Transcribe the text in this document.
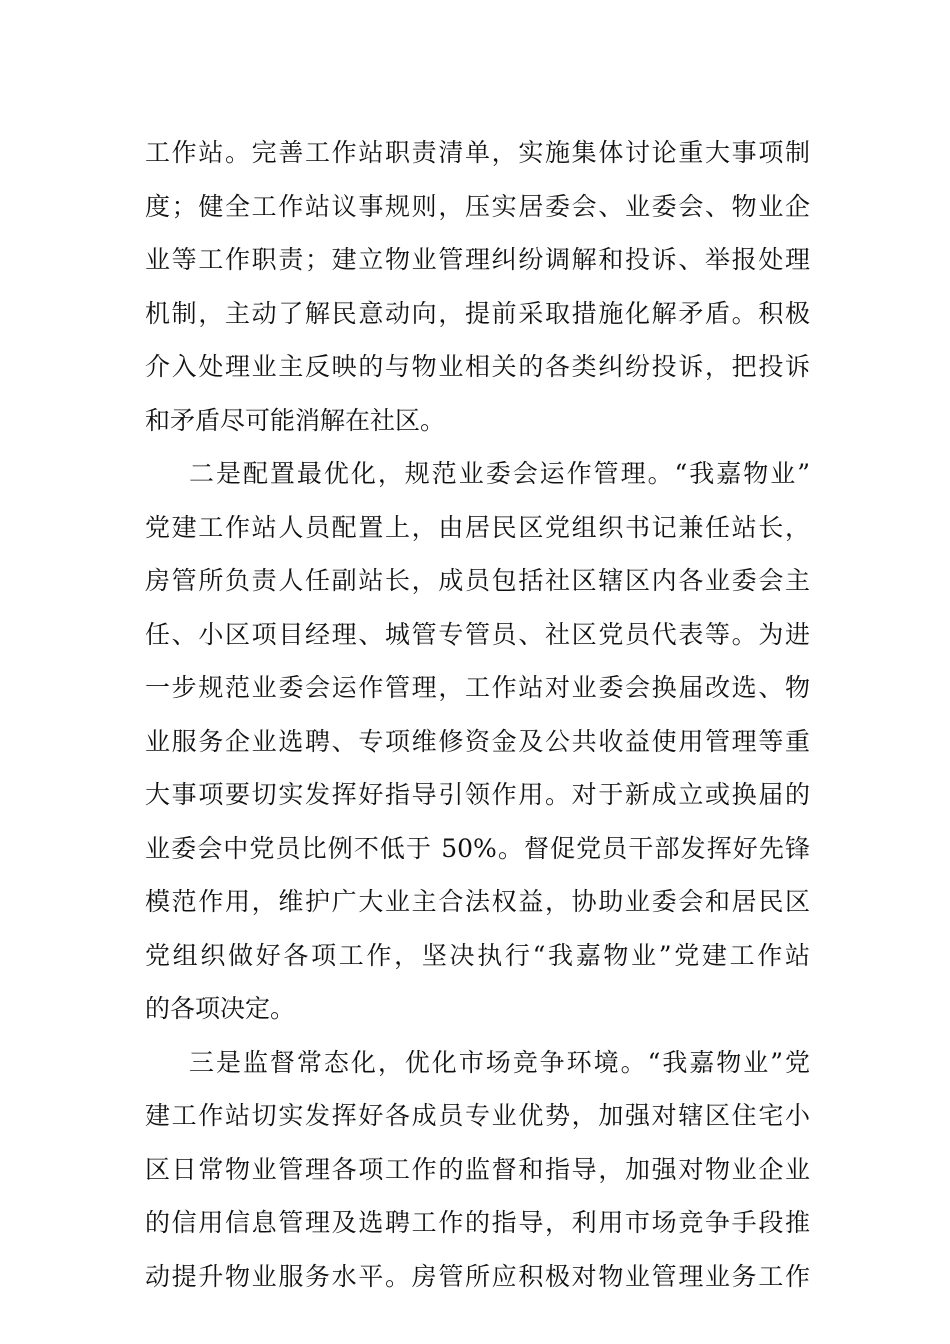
工作站。完善工作站职责清单，实施集体讨论重大事项制
度；健全工作站议事规则，压实居委会、业委会、物业企
业等工作职责；建立物业管理纠纷调解和投诉、举报处理
机制，主动了解民意动向，提前采取措施化解矛盾。积极
介入处理业主反映的与物业相关的各类纠纷投诉，把投诉
和矛盾尽可能消解在社区。
二是配置最优化，规范业委会运作管理。“我嘉物业”
党建工作站人员配置上，由居民区党组织书记兼任站长，
房管所负责人任副站长，成员包括社区辖区内各业委会主
任、小区项目经理、城管专管员、社区党员代表等。为进
一步规范业委会运作管理，工作站对业委会换届改选、物
业服务企业选聘、专项维修资金及公共收益使用管理等重
大事项要切实发挥好指导引领作用。对于新成立或换届的
业委会中党员比例不低于 50%。督促党员干部发挥好先锋
模范作用，维护广大业主合法权益，协助业委会和居民区
党组织做好各项工作，坚决执行“我嘉物业”党建工作站
的各项决定。
三是监督常态化，优化市场竞争环境。“我嘉物业”党
建工作站切实发挥好各成员专业优势，加强对辖区住宅小
区日常物业管理各项工作的监督和指导，加强对物业企业
的信用信息管理及选聘工作的指导，利用市场竞争手段推
动提升物业服务水平。房管所应积极对物业管理业务工作
